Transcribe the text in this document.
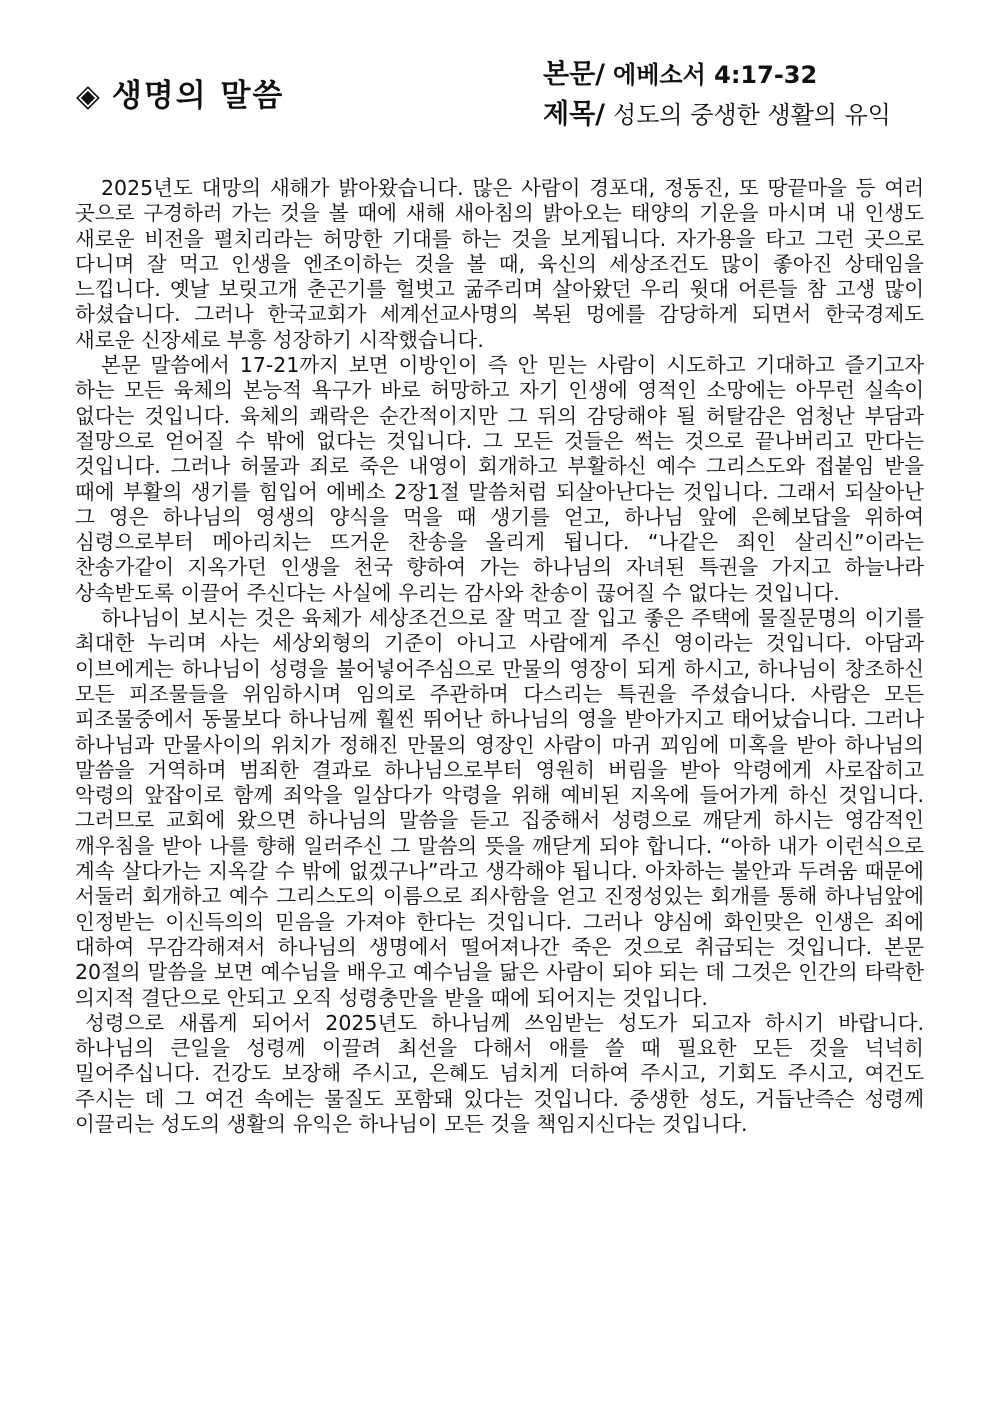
◈ 생명의 말씀
본문/ 에베소서 4:17-32
제목/ 성도의 중생한 생활의 유익

2025년도 대망의 새해가 밝아왔습니다. 많은 사람이 경포대, 정동진, 또 땅끝마을 등 여러 곳으로 구경하러 가는 것을 볼 때에 새해 새아침의 밝아오는 태양의 기운을 마시며 내 인생도 새로운 비전을 펼치리라는 허망한 기대를 하는 것을 보게됩니다. 자가용을 타고 그런 곳으로 다니며 잘 먹고 인생을 엔조이하는 것을 볼 때, 육신의 세상조건도 많이 좋아진 상태임을 느낍니다. 옛날 보릿고개 춘곤기를 헐벗고 굶주리며 살아왔던 우리 윗대 어른들 참 고생 많이 하셨습니다. 그러나 한국교회가 세계선교사명의 복된 멍에를 감당하게 되면서 한국경제도 새로운 신장세로 부흥 성장하기 시작했습니다.

본문 말씀에서 17-21까지 보면 이방인이 즉 안 믿는 사람이 시도하고 기대하고 즐기고자 하는 모든 육체의 본능적 욕구가 바로 허망하고 자기 인생에 영적인 소망에는 아무런 실속이 없다는 것입니다. 육체의 쾌락은 순간적이지만 그 뒤의 감당해야 될 허탈감은 엄청난 부담과 절망으로 얻어질 수 밖에 없다는 것입니다. 그 모든 것들은 썩는 것으로 끝나버리고 만다는 것입니다. 그러나 허물과 죄로 죽은 내영이 회개하고 부활하신 예수 그리스도와 접붙임 받을 때에 부활의 생기를 힘입어 에베소 2장1절 말씀처럼 되살아난다는 것입니다. 그래서 되살아난 그 영은 하나님의 영생의 양식을 먹을 때 생기를 얻고, 하나님 앞에 은혜보답을 위하여 심령으로부터 메아리치는 뜨거운 찬송을 올리게 됩니다. “나같은 죄인 살리신”이라는 찬송가같이 지옥가던 인생을 천국 향하여 가는 하나님의 자녀된 특권을 가지고 하늘나라 상속받도록 이끌어 주신다는 사실에 우리는 감사와 찬송이 끊어질 수 없다는 것입니다.

하나님이 보시는 것은 육체가 세상조건으로 잘 먹고 잘 입고 좋은 주택에 물질문명의 이기를 최대한 누리며 사는 세상외형의 기준이 아니고 사람에게 주신 영이라는 것입니다. 아담과 이브에게는 하나님이 성령을 불어넣어주심으로 만물의 영장이 되게 하시고, 하나님이 창조하신 모든 피조물들을 위임하시며 임의로 주관하며 다스리는 특권을 주셨습니다. 사람은 모든 피조물중에서 동물보다 하나님께 훨씬 뛰어난 하나님의 영을 받아가지고 태어났습니다. 그러나 하나님과 만물사이의 위치가 정해진 만물의 영장인 사람이 마귀 꾀임에 미혹을 받아 하나님의 말씀을 거역하며 범죄한 결과로 하나님으로부터 영원히 버림을 받아 악령에게 사로잡히고 악령의 앞잡이로 함께 죄악을 일삼다가 악령을 위해 예비된 지옥에 들어가게 하신 것입니다. 그러므로 교회에 왔으면 하나님의 말씀을 듣고 집중해서 성령으로 깨닫게 하시는 영감적인 깨우침을 받아 나를 향해 일러주신 그 말씀의 뜻을 깨닫게 되야 합니다. “아하 내가 이런식으로 계속 살다가는 지옥갈 수 밖에 없겠구나”라고 생각해야 됩니다. 아차하는 불안과 두려움 때문에 서둘러 회개하고 예수 그리스도의 이름으로 죄사함을 얻고 진정성있는 회개를 통해 하나님앞에 인정받는 이신득의의 믿음을 가져야 한다는 것입니다. 그러나 양심에 화인맞은 인생은 죄에 대하여 무감각해져서 하나님의 생명에서 떨어져나간 죽은 것으로 취급되는 것입니다. 본문 20절의 말씀을 보면 예수님을 배우고 예수님을 닮은 사람이 되야 되는 데 그것은 인간의 타락한 의지적 결단으로 안되고 오직 성령충만을 받을 때에 되어지는 것입니다.

성령으로 새롭게 되어서 2025년도 하나님께 쓰임받는 성도가 되고자 하시기 바랍니다. 하나님의 큰일을 성령께 이끌려 최선을 다해서 애를 쓸 때 필요한 모든 것을 넉넉히 밀어주십니다. 건강도 보장해 주시고, 은혜도 넘치게 더하여 주시고, 기회도 주시고, 여건도 주시는 데 그 여건 속에는 물질도 포함돼 있다는 것입니다. 중생한 성도, 거듭난즉슨 성령께 이끌리는 성도의 생활의 유익은 하나님이 모든 것을 책임지신다는 것입니다.
